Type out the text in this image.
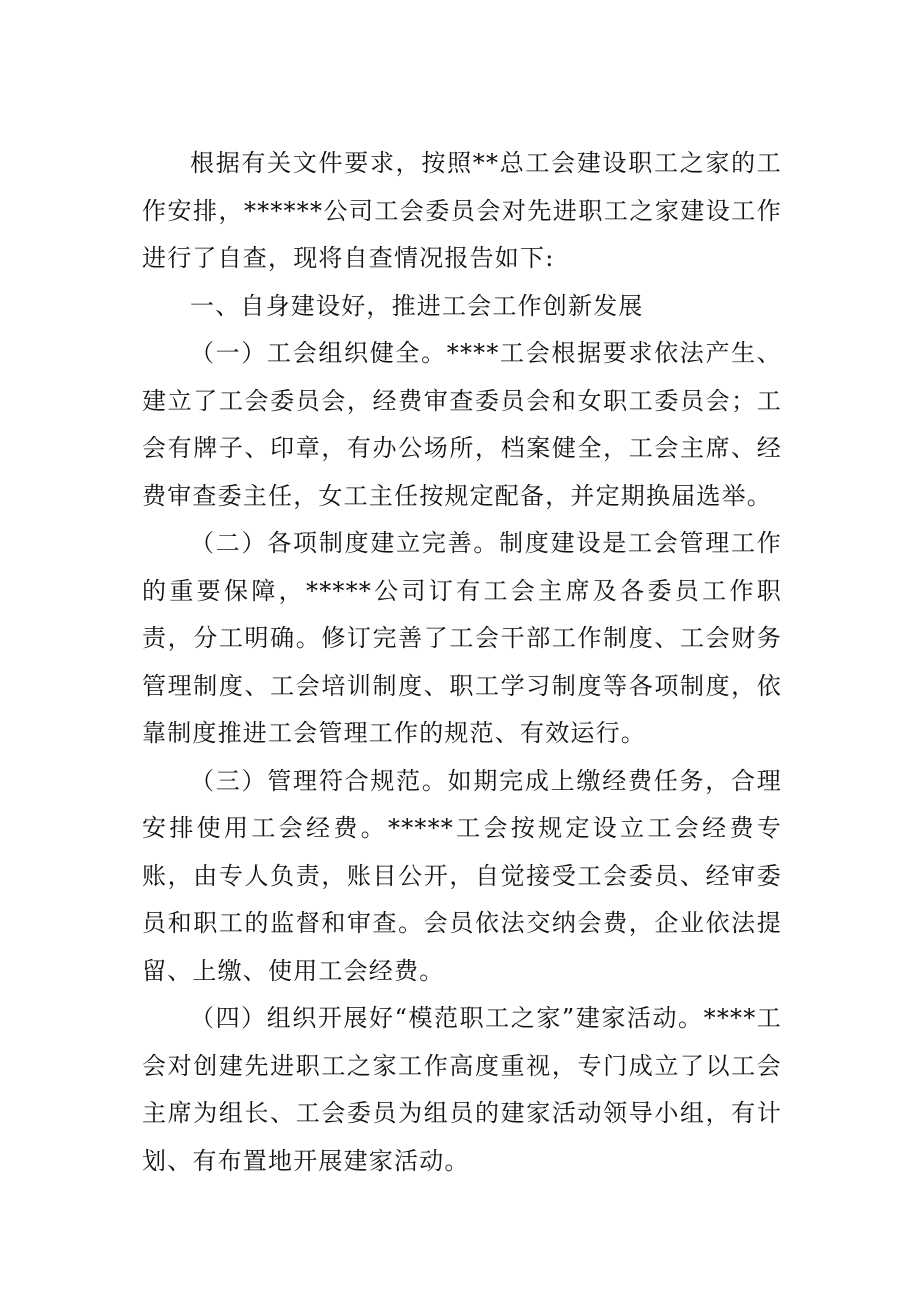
根据有关文件要求，按照**总工会建设职工之家的工作安排，******公司工会委员会对先进职工之家建设工作进行了自查，现将自查情况报告如下:

一、自身建设好，推进工会工作创新发展

（一）工会组织健全。****工会根据要求依法产生、建立了工会委员会，经费审查委员会和女职工委员会；工会有牌子、印章，有办公场所，档案健全，工会主席、经费审查委主任，女工主任按规定配备，并定期换届选举。

（二）各项制度建立完善。制度建设是工会管理工作的重要保障，*****公司订有工会主席及各委员工作职责，分工明确。修订完善了工会干部工作制度、工会财务管理制度、工会培训制度、职工学习制度等各项制度，依靠制度推进工会管理工作的规范、有效运行。

（三）管理符合规范。如期完成上缴经费任务，合理安排使用工会经费。*****工会按规定设立工会经费专账，由专人负责，账目公开，自觉接受工会委员、经审委员和职工的监督和审查。会员依法交纳会费，企业依法提留、上缴、使用工会经费。

（四）组织开展好“模范职工之家”建家活动。****工会对创建先进职工之家工作高度重视，专门成立了以工会主席为组长、工会委员为组员的建家活动领导小组，有计划、有布置地开展建家活动。
